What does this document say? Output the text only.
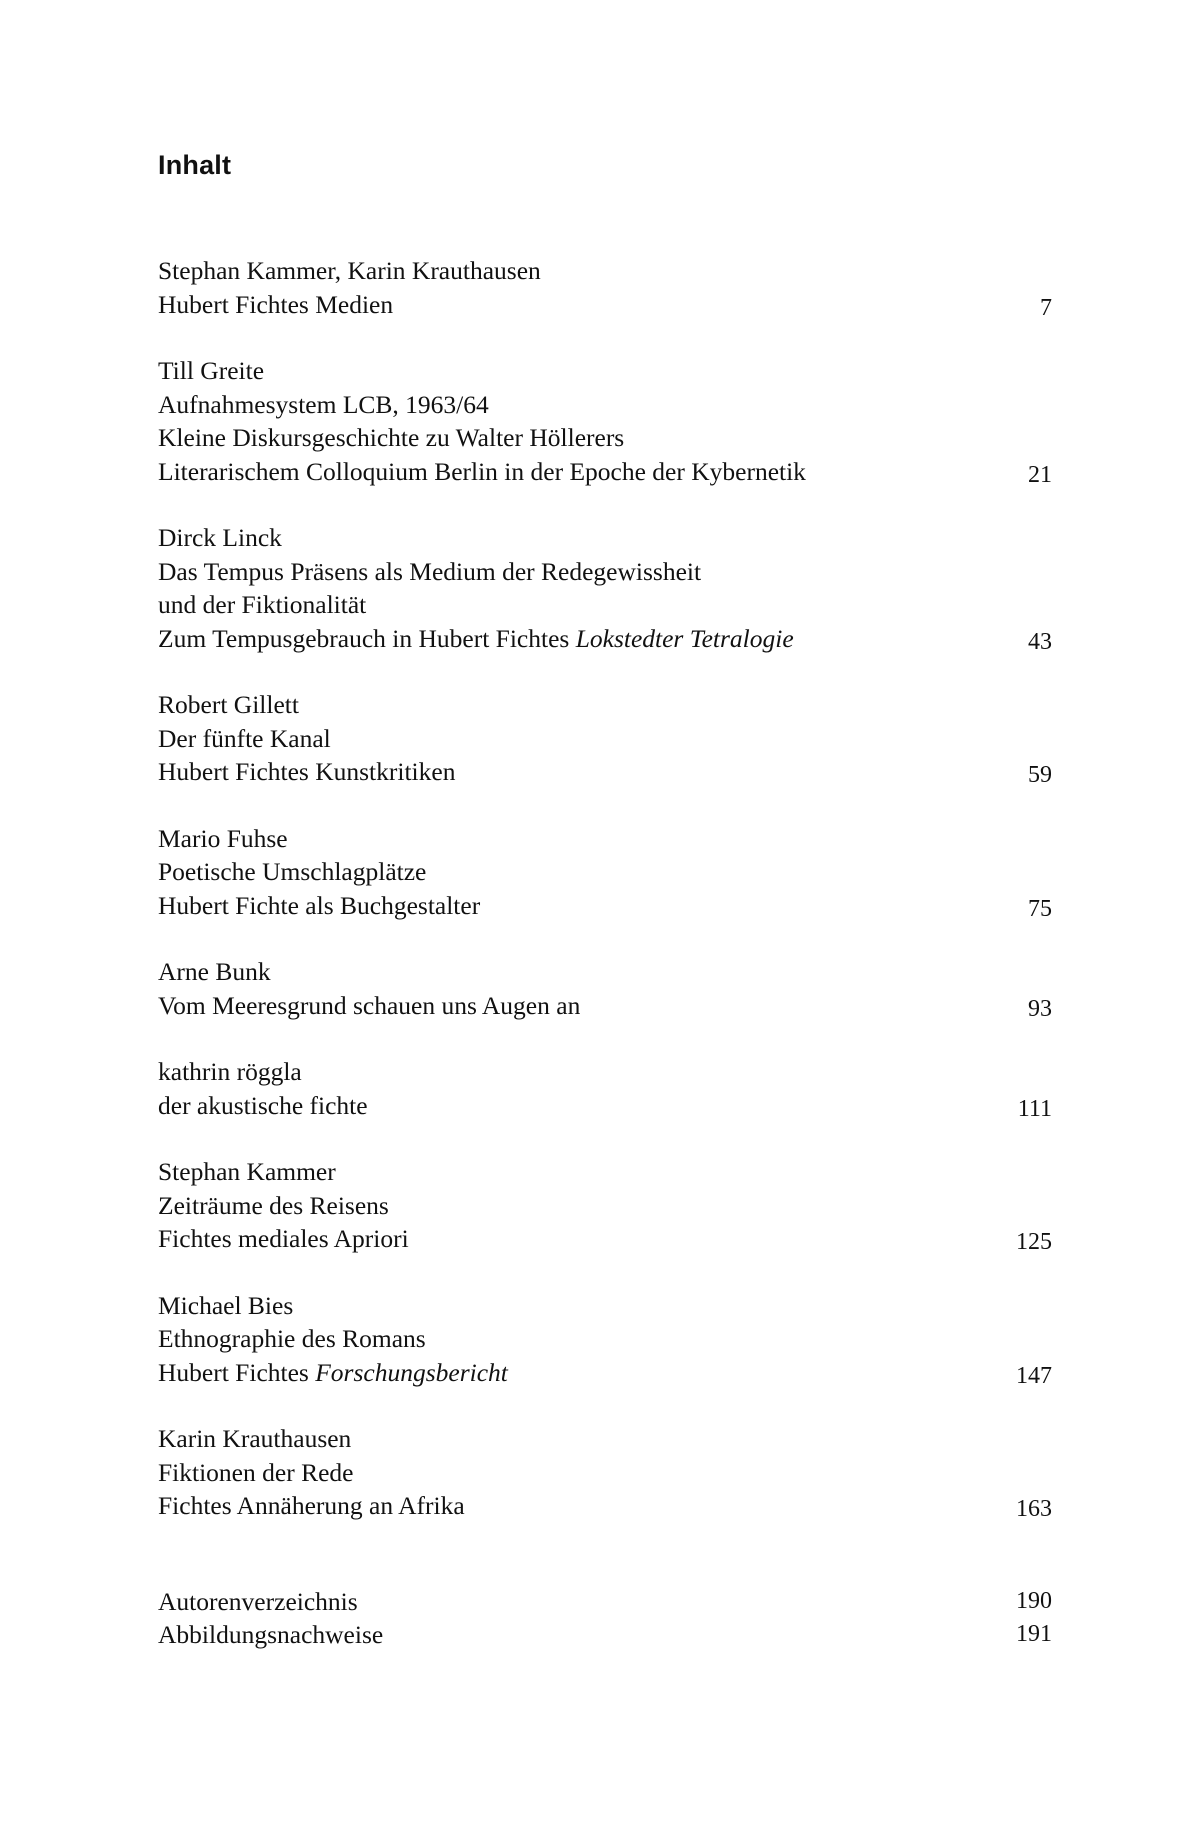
Inhalt
Stephan Kammer, Karin Krauthausen
Hubert Fichtes Medien	7
Till Greite
Aufnahmesystem LCB, 1963/64
Kleine Diskursgeschichte zu Walter Höllerers
Literarischem Colloquium Berlin in der Epoche der Kybernetik	21
Dirck Linck
Das Tempus Präsens als Medium der Redegewissheit
und der Fiktionalität
Zum Tempusgebrauch in Hubert Fichtes Lokstedter Tetralogie	43
Robert Gillett
Der fünfte Kanal
Hubert Fichtes Kunstkritiken	59
Mario Fuhse
Poetische Umschlagplätze
Hubert Fichte als Buchgestalter	75
Arne Bunk
Vom Meeresgrund schauen uns Augen an	93
kathrin röggla
der akustische fichte	111
Stephan Kammer
Zeiträume des Reisens
Fichtes mediales Apriori	125
Michael Bies
Ethnographie des Romans
Hubert Fichtes Forschungsbericht	147
Karin Krauthausen
Fiktionen der Rede
Fichtes Annäherung an Afrika	163
Autorenverzeichnis	190
Abbildungsnachweise	191
